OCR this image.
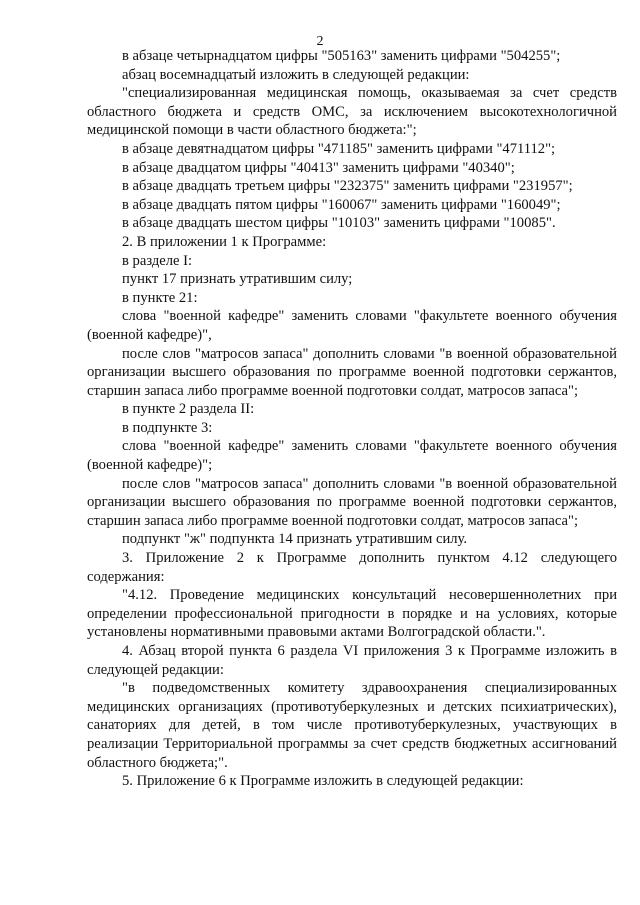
2

в абзаце четырнадцатом цифры "505163" заменить цифрами "504255";

абзац восемнадцатый изложить в следующей редакции:

"специализированная медицинская помощь, оказываемая за счет средств областного бюджета и средств ОМС, за исключением высокотехнологичной медицинской помощи в части областного бюджета:";

в абзаце девятнадцатом цифры "471185" заменить цифрами "471112";

в абзаце двадцатом цифры "40413" заменить цифрами "40340";

в абзаце двадцать третьем цифры "232375" заменить цифрами "231957";

в абзаце двадцать пятом цифры "160067" заменить цифрами "160049";

в абзаце двадцать шестом цифры "10103" заменить цифрами "10085".

2. В приложении 1 к Программе:

в разделе I:

пункт 17 признать утратившим силу;

в пункте 21:

слова "военной кафедре" заменить словами "факультете военного обучения (военной кафедре)",

после слов "матросов запаса" дополнить словами "в военной образовательной организации высшего образования по программе военной подготовки сержантов, старшин запаса либо программе военной подготовки солдат, матросов запаса";

в пункте 2 раздела II:

в подпункте 3:

слова "военной кафедре" заменить словами "факультете военного обучения (военной кафедре)";

после слов "матросов запаса" дополнить словами "в военной образовательной организации высшего образования по программе военной подготовки сержантов, старшин запаса либо программе военной подготовки солдат, матросов запаса";

подпункт "ж" подпункта 14 признать утратившим силу.

3. Приложение 2 к Программе дополнить пунктом 4.12 следующего содержания:

"4.12. Проведение медицинских консультаций несовершеннолетних при определении профессиональной пригодности в порядке и на условиях, которые установлены нормативными правовыми актами Волгоградской области.".

4. Абзац второй пункта 6 раздела VI приложения 3 к Программе изложить в следующей редакции:

"в подведомственных комитету здравоохранения специализированных медицинских организациях (противотуберкулезных и детских психиатрических), санаториях для детей, в том числе противотуберкулезных, участвующих в реализации Территориальной программы за счет средств бюджетных ассигнований областного бюджета;".

5. Приложение 6 к Программе изложить в следующей редакции:
